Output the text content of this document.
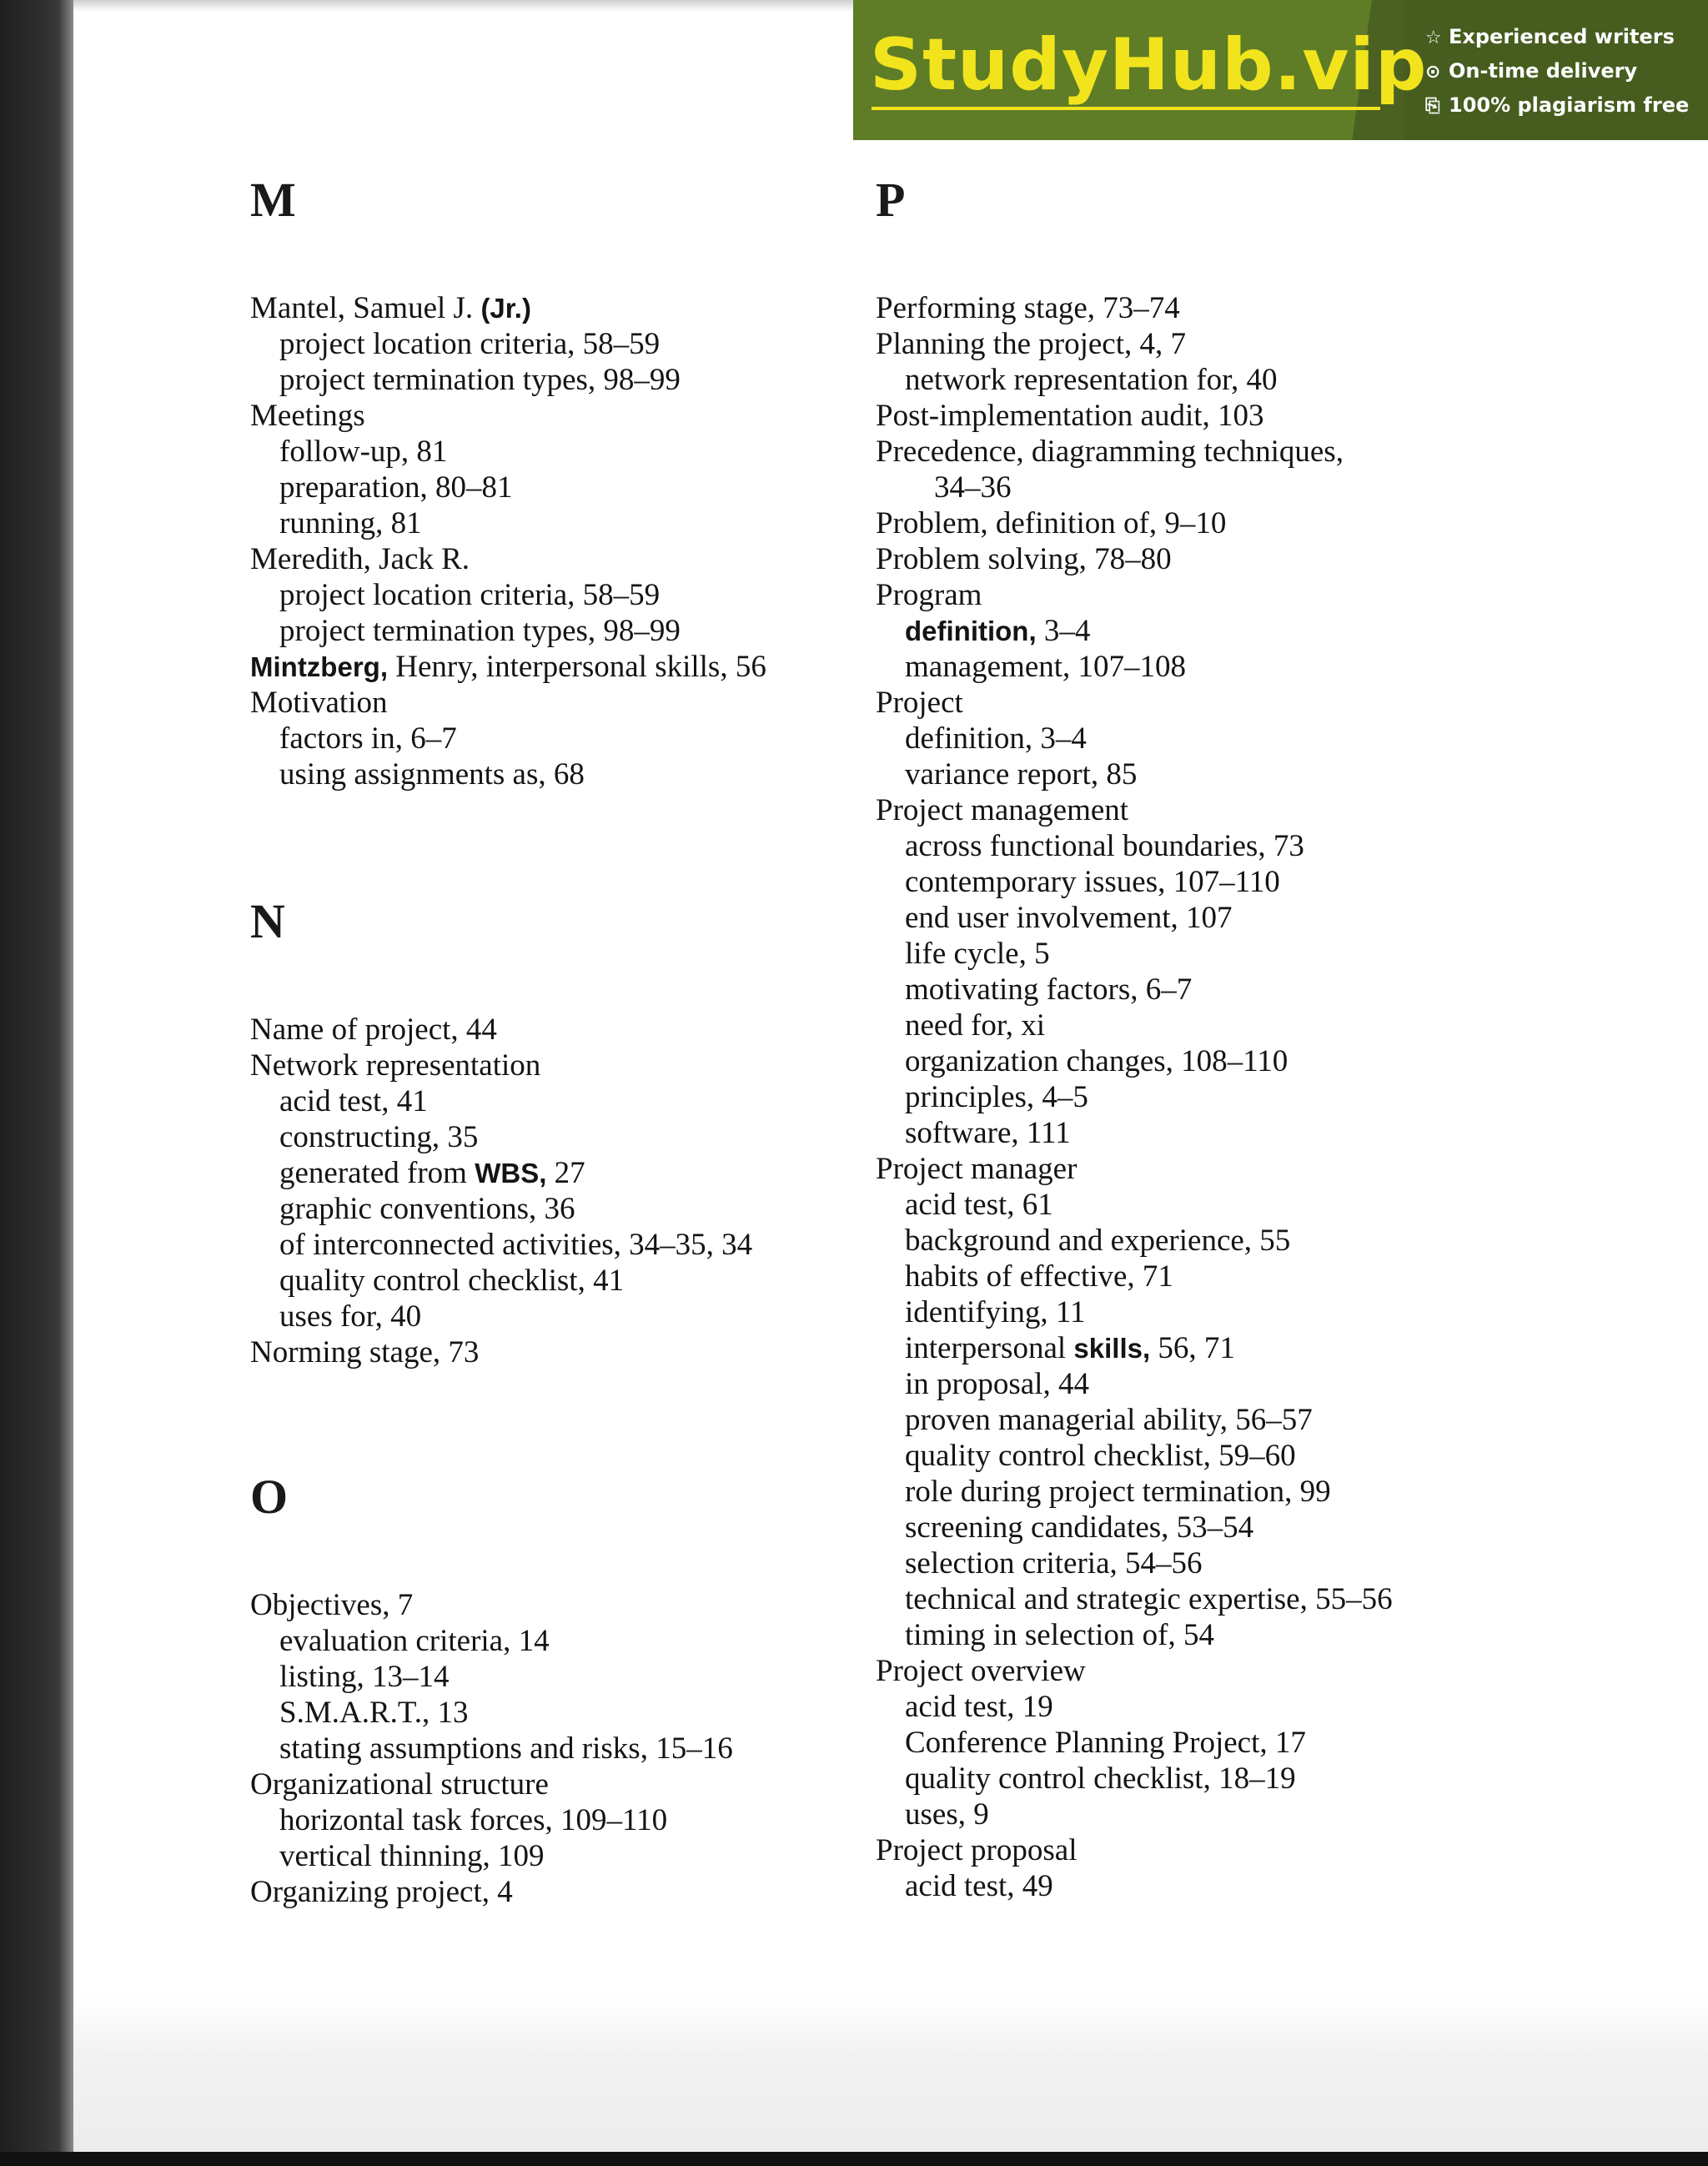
StudyHub.vip
☆ Experienced writers
⊙ On-time delivery
⎘ 100% plagiarism free
M
Mantel, Samuel J. (Jr.)
project location criteria, 58–59
project termination types, 98–99
Meetings
follow-up, 81
preparation, 80–81
running, 81
Meredith, Jack R.
project location criteria, 58–59
project termination types, 98–99
Mintzberg, Henry, interpersonal skills, 56
Motivation
factors in, 6–7
using assignments as, 68
N
Name of project, 44
Network representation
acid test, 41
constructing, 35
generated from WBS, 27
graphic conventions, 36
of interconnected activities, 34–35, 34
quality control checklist, 41
uses for, 40
Norming stage, 73
O
Objectives, 7
evaluation criteria, 14
listing, 13–14
S.M.A.R.T., 13
stating assumptions and risks, 15–16
Organizational structure
horizontal task forces, 109–110
vertical thinning, 109
Organizing project, 4
P
Performing stage, 73–74
Planning the project, 4, 7
network representation for, 40
Post-implementation audit, 103
Precedence, diagramming techniques,
34–36
Problem, definition of, 9–10
Problem solving, 78–80
Program
definition, 3–4
management, 107–108
Project
definition, 3–4
variance report, 85
Project management
across functional boundaries, 73
contemporary issues, 107–110
end user involvement, 107
life cycle, 5
motivating factors, 6–7
need for, xi
organization changes, 108–110
principles, 4–5
software, 111
Project manager
acid test, 61
background and experience, 55
habits of effective, 71
identifying, 11
interpersonal skills, 56, 71
in proposal, 44
proven managerial ability, 56–57
quality control checklist, 59–60
role during project termination, 99
screening candidates, 53–54
selection criteria, 54–56
technical and strategic expertise, 55–56
timing in selection of, 54
Project overview
acid test, 19
Conference Planning Project, 17
quality control checklist, 18–19
uses, 9
Project proposal
acid test, 49
